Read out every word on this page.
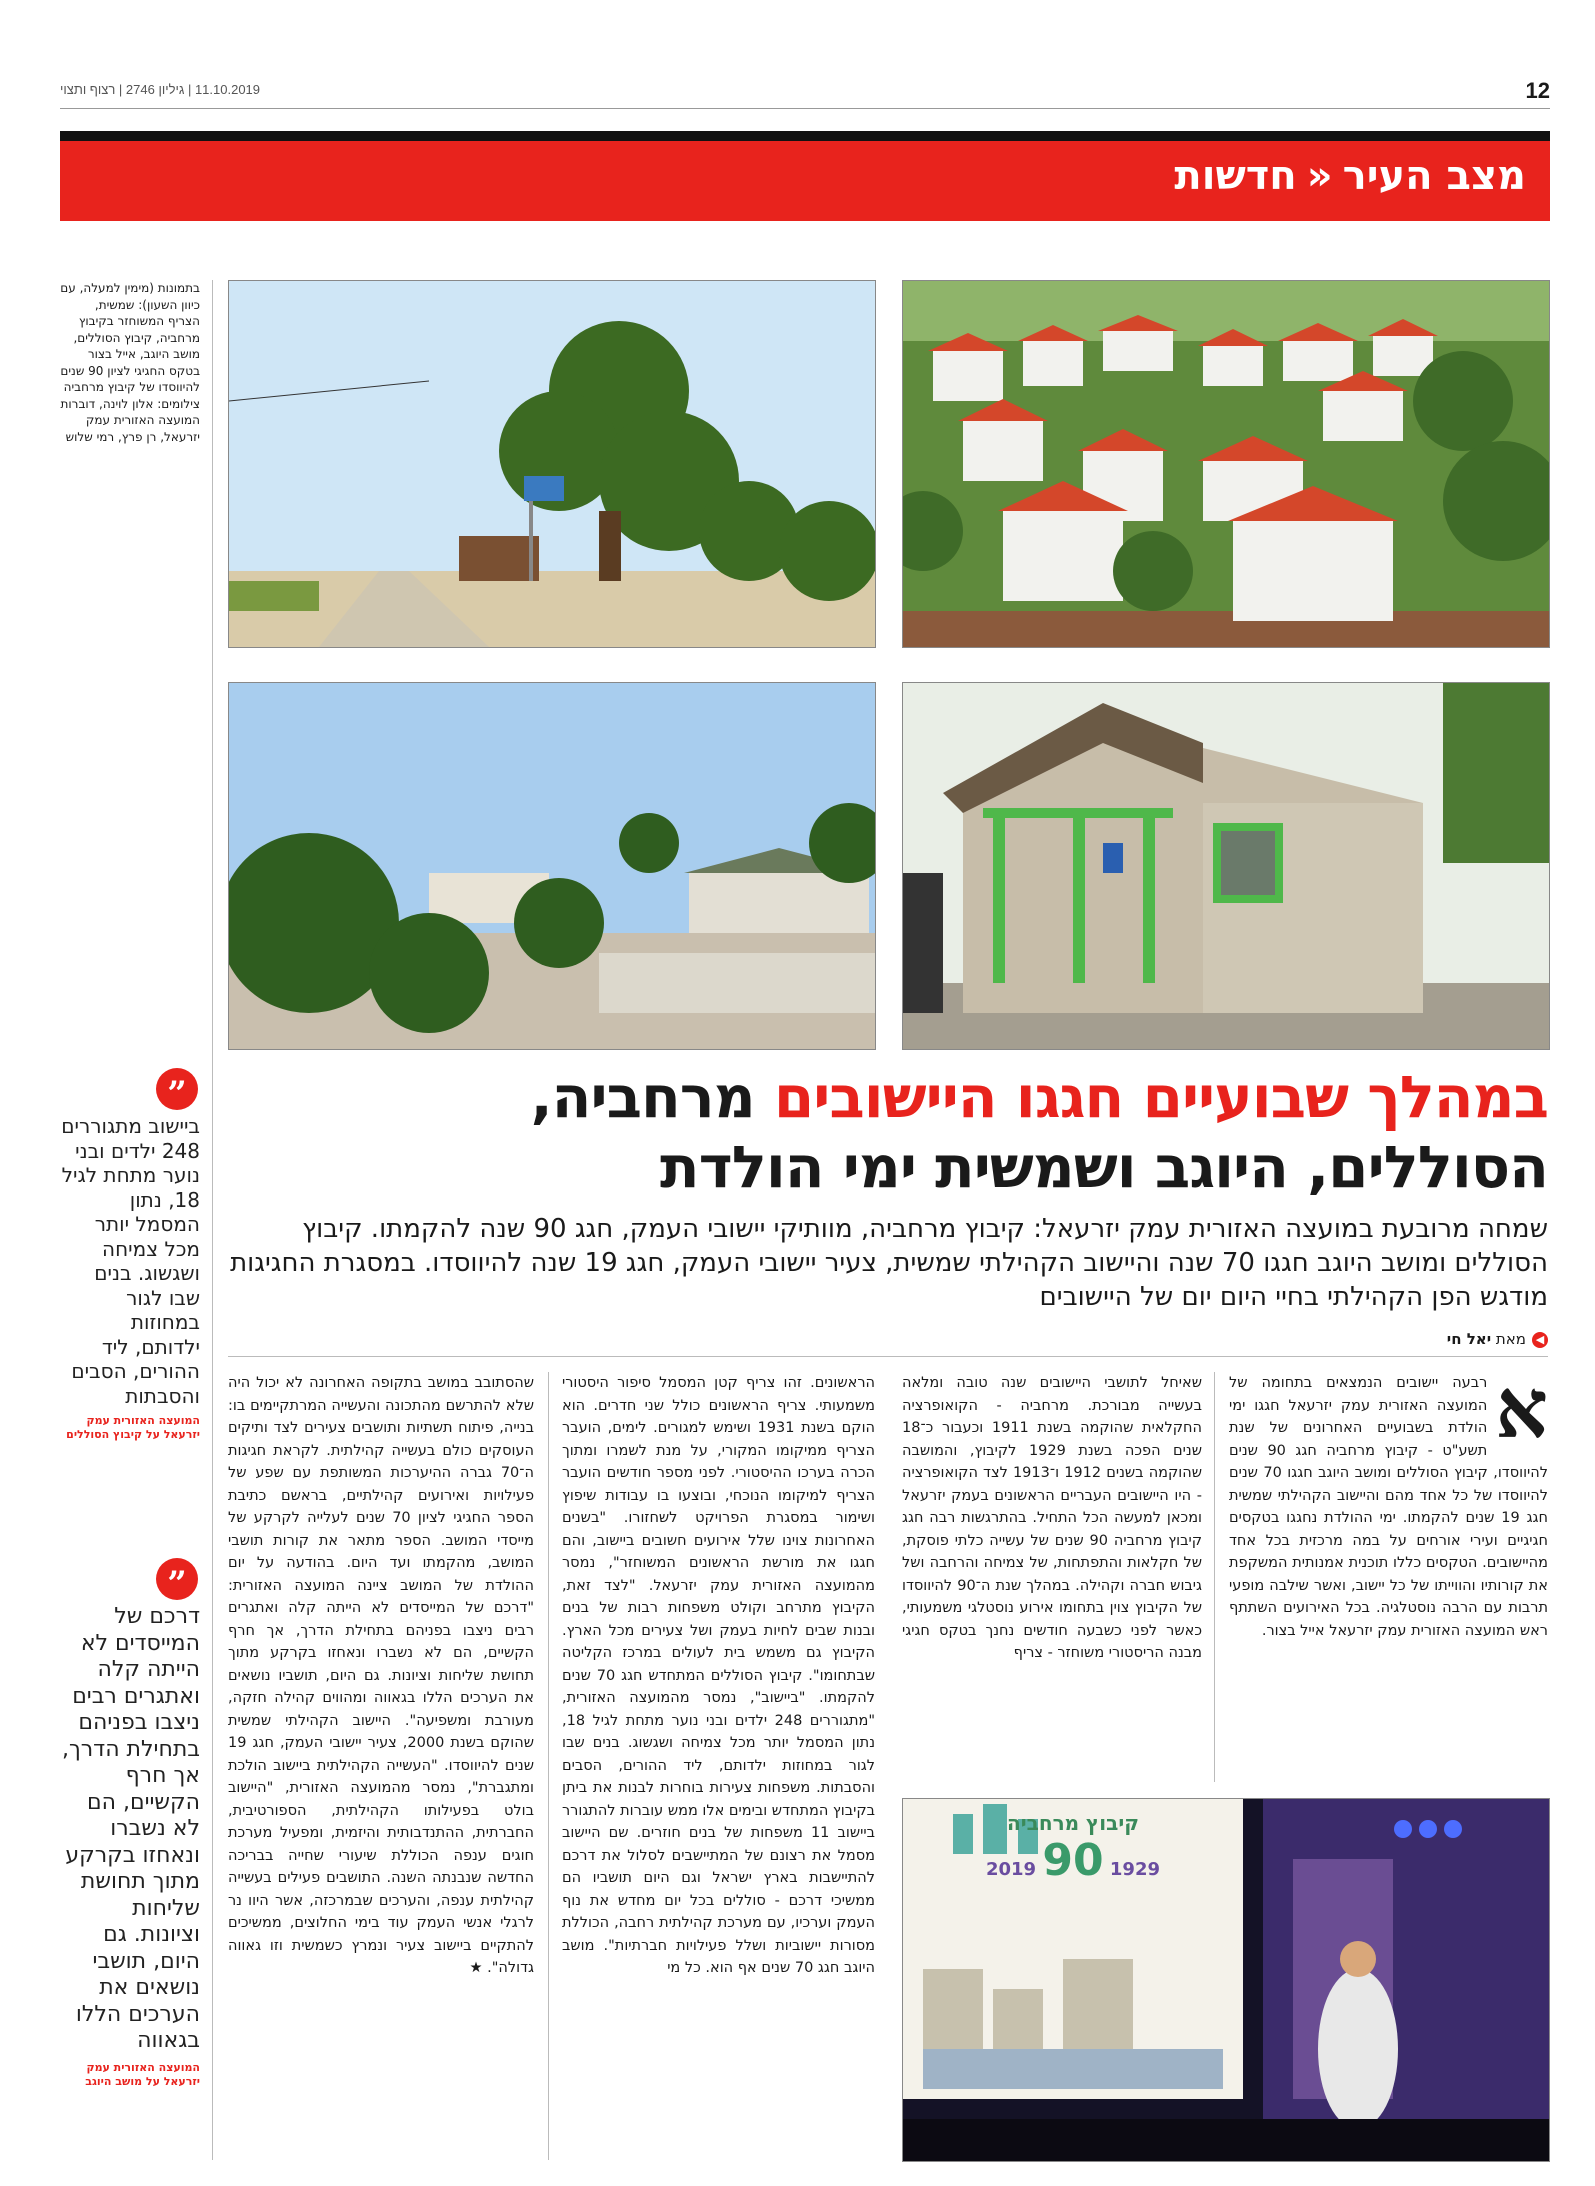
12
11.10.2019 | גיליון 2746 | רצוף ותצוי
מצב העיר«חדשות
בתמונות (מימין למעלה, עם כיוון השעון): שמשית, הצריף המשוחזר בקיבוץ מרחביה, קיבוץ הסוללים, מושב היוגב, אייל בצור בטקס החגיגי לציון 90 שנים להיווסדו של קיבוץ מרחביה
צילומים: אלון לוינה, דוברות המועצה האזורית עמק יזרעאל, רן פרץ, רמי שלוש
”
ביישוב מתגוררים 248 ילדים ובני נוער מתחת לגיל 18, נתון המסמל יותר מכל צמיחה ושגשוג. בנים שבו לגור במחוזות ילדותם, ליד ההורים, הסבים והסבתות
המועצה האזורית עמק יזרעאל על קיבוץ הסוללים
”
דרכם של המייסדים לא הייתה קלה ואתגרים רבים ניצבו בפניהם בתחילת הדרך, אך חרף הקשיים, הם לא נשברו ונאחזו בקרקע מתוך תחושת שליחות וציונות. גם היום, תושבי נושאים את הערכים הללו בגאווה
המועצה האזורית עמק יזרעאל על מושב היוגב
במהלך שבועיים חגגו היישובים מרחביה,
הסוללים, היוגב ושמשית ימי הולדת
שמחה מרובעת במועצה האזורית עמק יזרעאל: קיבוץ מרחביה, מוותיקי יישובי העמק, חגג 90 שנה להקמתו. קיבוץ הסוללים ומושב היוגב חגגו 70 שנה והיישוב הקהילתי שמשית, צעיר יישובי העמק, חגג 19 שנה להיווסדו. במסגרת החגיגות מודגש הפן הקהילתי בחיי היום יום של היישובים
◀מאת יאל חי
א

רבעה יישובים הנמצאים בתחומה של המועצה האזורית עמק יזרעאל חגגו ימי הולדת בשבועיים האחרונים של שנת תשע"ט - קיבוץ מרחביה חגג 90 שנים להיווסדו, קיבוץ הסוללים ומושב היוגב חגגו 70 שנים להיווסדו של כל אחד מהם והיישוב הקהילתי שמשית חגג 19 שנים להקמתו. ימי ההולדת נחגגו בטקסים חגיגיים ועירי אורחים על במה מרכזית בכל אחד מהיישובים. הטקסים כללו תוכנית אמנותית המשקפת את קורותיו והווייתו של כל יישוב, ואשר שילבה מופעי תרבות עם הרבה נוסטלגיה. בכל האירועים השתתף ראש המועצה האזורית עמק יזרעאל אייל בצור.

שאיחל לתושבי היישובים שנה טובה ומלאה בעשייה מבורכת. מרחביה - הקואופרציה החקלאית שהוקמה בשנת 1911 וכעבור כ־18 שנים הפכה בשנת 1929 לקיבוץ, והמושבה שהוקמה בשנים 1912 ו־1913 לצד הקואופרציה - היו היישובים העבריים הראשונים בעמק יזרעאל ומכאן למעשה הכל התחיל. בהתרגשות רבה חגג קיבוץ מרחביה 90 שנים של עשייה כלתי פוסקת, של חקלאות והתפתחות, של צמיחה והרחבה ושל גיבוש חברה וקהילה. במהלך שנת ה־90 להיווסדו של הקיבוץ צוין בתחומו אירוע נוסטלגי משמעותי, כאשר לפני כשבעה חודשים נחנך בטקס חגיגי מבנה הריסטורי משוחזר - צריף

קיבוץ מרחביה
2019 90 1929

הראשונים. זהו צריף קטן המסמל סיפור היסטורי משמעותי. צריף הראשונים כולל שני חדרים. הוא הוקם בשנת 1931 ושימש למגורים. לימים, הועבר הצריף ממיקומו המקורי, על מנת לשמרו ומתוך הכרה בערכו ההיסטורי. לפני מספר חודשים הועבר הצריף למיקומו הנוכחי, ובוצעו בו עבודות שיפוץ ושימור במסגרת הפרויקט לשחזורו. "בשנים האחרונות צוינו שלל אירועים חשובים ביישוב, והם חגגו את מורשת הראשונים המשוחזר", נמסר מהמועצה האזורית עמק יזרעאל. "לצד זאת, הקיבוץ מתרחב וקולט משפחות רבות של בנים ובנות שבים לחיות בעמק ושל צעירים מכל הארץ. הקיבוץ גם משמש בית לעולים במרכז הקליטה שבתחומו". קיבוץ הסוללים המתחדש חגג 70 שנים להקמתו. "ביישוב", נמסר מהמועצה האזורית, "מתגוררים 248 ילדים ובני נוער מתחת לגיל 18, נתון המסמל יותר מכל צמיחה ושגשוג. בנים שבו לגור במחוזות ילדותם, ליד ההורים, הסבים והסבתות. משפחות צעירות בוחרות לבנות את ביתן בקיבוץ המתחדש ובימים אלו ממש עוברות להתגורר ביישוב 11 משפחות של בנים חוזרים. שם היישוב מסמל את רצונם של המתיישבים לסלול את דרכם להתיישבות בארץ ישראל וגם היום תושביו הם ממשיכי דרכם - סוללים בכל יום מחדש את נוף העמק וערכיו, עם מערכת קהילתית רחבה, הכוללת מסורות יישוביות ושלל פעילויות חברתיות". מושב היוגב חגג 70 שנים אף הוא. כל מי

שהסתובב במושב בתקופה האחרונה לא יכול היה שלא להתרשם מהתכונה והעשייה המרתקיימים בו: בנייה, פיתוח תשתיות ותושבים צעירים לצד ותיקים העוסקים כולם בעשייה קהילתית. לקראת חגיגות ה־70 גברה ההיערכות המשותפת עם שפע של פעילויות ואירועים קהילתיים, בראשם כתיבת הספר החגיגי לציון 70 שנים לעלייה לקרקע של מייסדי המושב. הספר מתאר את קורות תושבי המושב, מהקמתו ועד היום. בהודעה על יום ההולדת של המושב ציינה המועצה האזורית: "דרכם של המייסדים לא הייתה קלה ואתגרים רבים ניצבו בפניהם בתחילת הדרך, אך חרף הקשיים, הם לא נשברו ונאחזו בקרקע מתוך תחושת שליחות וציונות. גם היום, תושביו נושאים את הערכים הללו בגאווה ומהווים קהילה חזקה, מעורבת ומשפיעה". היישוב הקהילתי שמשית שהוקם בשנת 2000, צעיר יישובי העמק, חגג 19 שנים להיווסדו. "העשייה הקהילתית ביישוב הולכת ומתגברת", נמסר מהמועצה האזורית, "היישוב בולט בפעילותו הקהילתית, הספורטיבית, החברתית, ההתנדבותית והיזמית, ומפעיל מערכת חוגים ענפה הכוללת שיעורי שחייה בבריכה החדשה שנבנתה השנה. התושבים פעילים בעשייה קהילתית ענפה, והערכים שבמרכזה, אשר היוו נר לרגלי אנשי העמק עוד בימי החלוצים, ממשיכים להתקיים ביישוב צעיר ונמרץ כשמשית וזו גאווה גדולה". ★
